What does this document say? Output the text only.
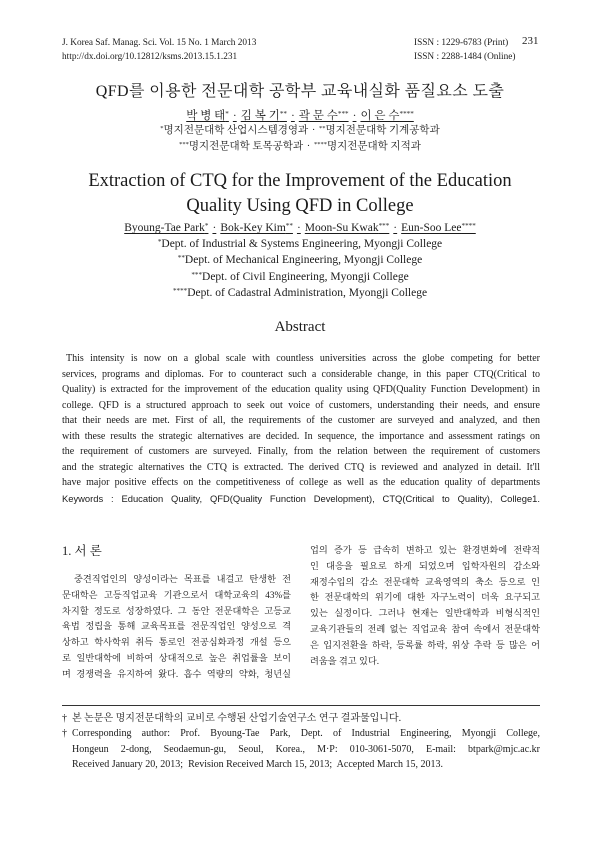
J. Korea Saf. Manag. Sci. Vol. 15 No. 1 March 2013
http://dx.doi.org/10.12812/ksms.2013.15.1.231
ISSN : 1229-6783 (Print)
ISSN : 2288-1484 (Online)
231
QFD를 이용한 전문대학 공학부 교육내실화 품질요소 도출
박 병 태* · 김 복 기** · 곽 문 수*** · 이 은 수****
*명지전문대학 산업시스템경영과 · **명지전문대학 기계공학과
***명지전문대학 토목공학과 · ****명지전문대학 지적과
Extraction of CTQ for the Improvement of the Education
Quality Using QFD in College
Byoung-Tae Park* · Bok-Key Kim** · Moon-Su Kwak*** · Eun-Soo Lee****
*Dept. of Industrial & Systems Engineering, Myongji College
**Dept. of Mechanical Engineering, Myongji College
***Dept. of Civil Engineering, Myongji College
****Dept. of Cadastral Administration, Myongji College
Abstract
This intensity is now on a global scale with countless universities across the globe competing for better
services, programs and diplomas. For to counteract such a considerable change, in this paper CTQ(Critical to
Quality) is extracted for the improvement of the education quality using QFD(Quality Function Development) in
college. QFD is a structured approach to seek out voice of customers, understanding their needs, and ensure
that their needs are met. First of all, the requirements of the customer are surveyed and analyzed, and then
with these results the strategic alternatives are decided. In sequence, the importance and assessment ratings on
the requirement of customers are surveyed. Finally, from the relation between the requirement of customers
and the strategic alternatives the CTQ is extracted. The derived CTQ is reviewed and analyzed in detail. It'll
have major positive effects on the competitiveness of college as well as the education quality of departments
Keywords : Education Quality, QFD(Quality Function Development), CTQ(Critical to Quality), College1.
1. 서 론
중견직업인의 양성이라는 목표를 내걸고 탄생한 전
문대학은 고등직업교육 기관으로서 대학교육의 43%를
차지할 정도로 성장하였다. 그 동안 전문대학은 고등교
육법 정립을 통해 교육목표를 전문직업인 양성으로 격
상하고 학사학위 취득 통로인 전공심화과정 개설 등으
로 일반대학에 비하여 상대적으로 높은 취업률을 보이
며 경쟁력을 유지하여 왔다. 흡수 역량의 약화, 청년실
업의 증가 등 급속히 변하고 있는 환경변화에 전략적
인 대응을 필요로 하게 되었으며 입학자원의 감소와
재정수입의 감소 전문대학 교육영역의 축소 등으로 인
한 전문대학의 위기에 대한 자구노력이 더욱 요구되고
있는 실정이다. 그러나 현재는 일반대학과 비형식적인
교육기관들의 전례 없는 직업교육 참여 속에서 전문대학
은 입지전환을 하락, 등록률 하락, 위상 추락 등 많은 어
려움을 겪고 있다.
† 본 논문은 명지전문대학의 교비로 수행된 산업기술연구소 연구 결과물입니다.
† Corresponding author: Prof. Byoung-Tae Park, Dept. of Industrial Engineering, Myongji College,
Hongeun 2-dong, Seodaemun-gu, Seoul, Korea., M·P: 010-3061-5070, E-mail: btpark@mjc.ac.kr
Received January 20, 2013;  Revision Received March 15, 2013;  Accepted March 15, 2013.
